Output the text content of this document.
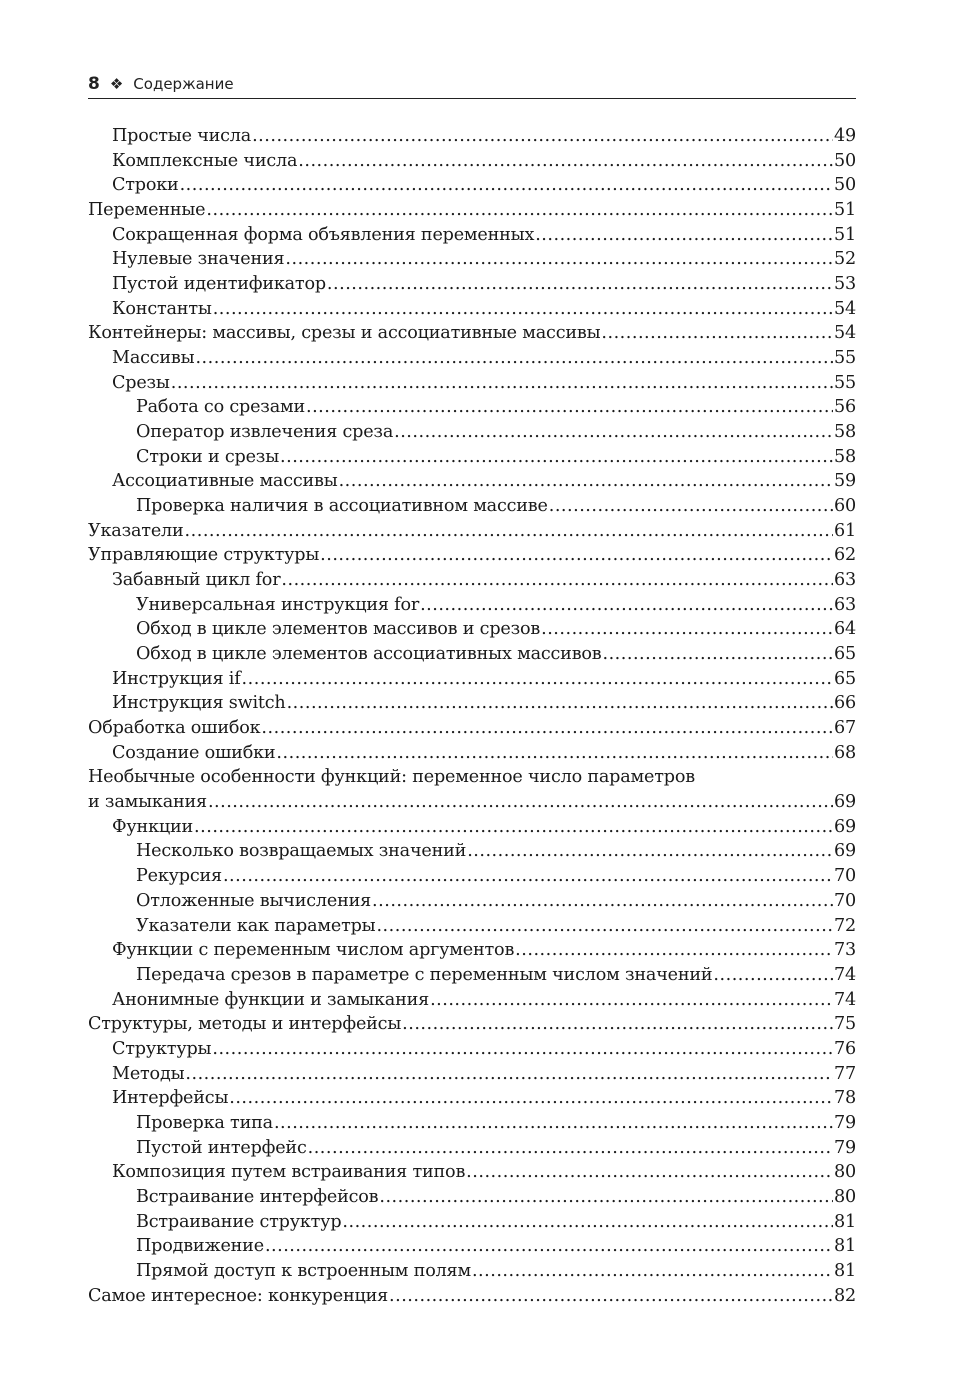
8 ❖ Содержание
Простые числа .....	49
Комплексные числа .....	50
Строки .....	50
Переменные .....	51
Сокращенная форма объявления переменных .....	51
Нулевые значения .....	52
Пустой идентификатор .....	53
Константы .....	54
Контейнеры: массивы, срезы и ассоциативные массивы .....	54
Массивы .....	55
Срезы .....	55
Работа со срезами .....	56
Оператор извлечения среза .....	58
Строки и срезы .....	58
Ассоциативные массивы .....	59
Проверка наличия в ассоциативном массиве .....	60
Указатели .....	61
Управляющие структуры .....	62
Забавный цикл for .....	63
Универсальная инструкция for .....	63
Обход в цикле элементов массивов и срезов .....	64
Обход в цикле элементов ассоциативных массивов .....	65
Инструкция if .....	65
Инструкция switch .....	66
Обработка ошибок .....	67
Создание ошибки .....	68
Необычные особенности функций: переменное число параметров
и замыкания .....	69
Функции .....	69
Несколько возвращаемых значений .....	69
Рекурсия .....	70
Отложенные вычисления .....	70
Указатели как параметры .....	72
Функции с переменным числом аргументов .....	73
Передача срезов в параметре с переменным числом значений .....	74
Анонимные функции и замыкания .....	74
Структуры, методы и интерфейсы .....	75
Структуры .....	76
Методы .....	77
Интерфейсы .....	78
Проверка типа .....	79
Пустой интерфейс .....	79
Композиция путем встраивания типов .....	80
Встраивание интерфейсов .....	80
Встраивание структур .....	81
Продвижение .....	81
Прямой доступ к встроенным полям .....	81
Самое интересное: конкуренция .....	82
